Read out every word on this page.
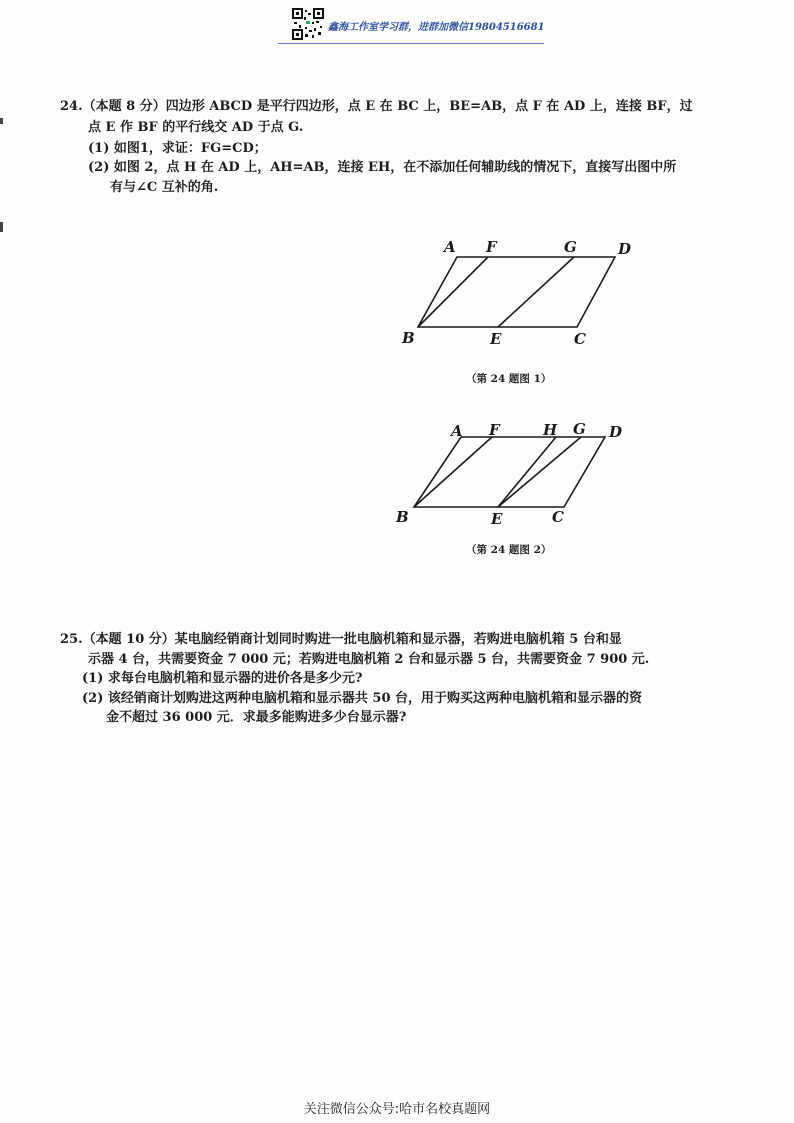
鑫海工作室学习群，进群加微信19804516681
24.（本题 8 分）四边形 ABCD 是平行四边形，点 E 在 BC 上，BE=AB，点 F 在 AD 上，连接 BF，过
点 E 作 BF 的平行线交 AD 于点 G.
(1) 如图1，求证：FG=CD；
(2) 如图 2，点 H 在 AD 上，AH=AB，连接 EH，在不添加任何辅助线的情况下，直接写出图中所
有与∠C 互补的角.
A F	G	D
B	E	C
（第 24 题图 1）
A F	H G D
B	E	C
（第 24 题图 2）
25.（本题 10 分）某电脑经销商计划同时购进一批电脑机箱和显示器，若购进电脑机箱 5 台和显
示器 4 台，共需要资金 7 000 元；若购进电脑机箱 2 台和显示器 5 台，共需要资金 7 900 元.
(1) 求每台电脑机箱和显示器的进价各是多少元?
(2) 该经销商计划购进这两种电脑机箱和显示器共 50 台，用于购买这两种电脑机箱和显示器的资
金不超过 36 000 元．求最多能购进多少台显示器?
关注微信公众号:哈市名校真题网
